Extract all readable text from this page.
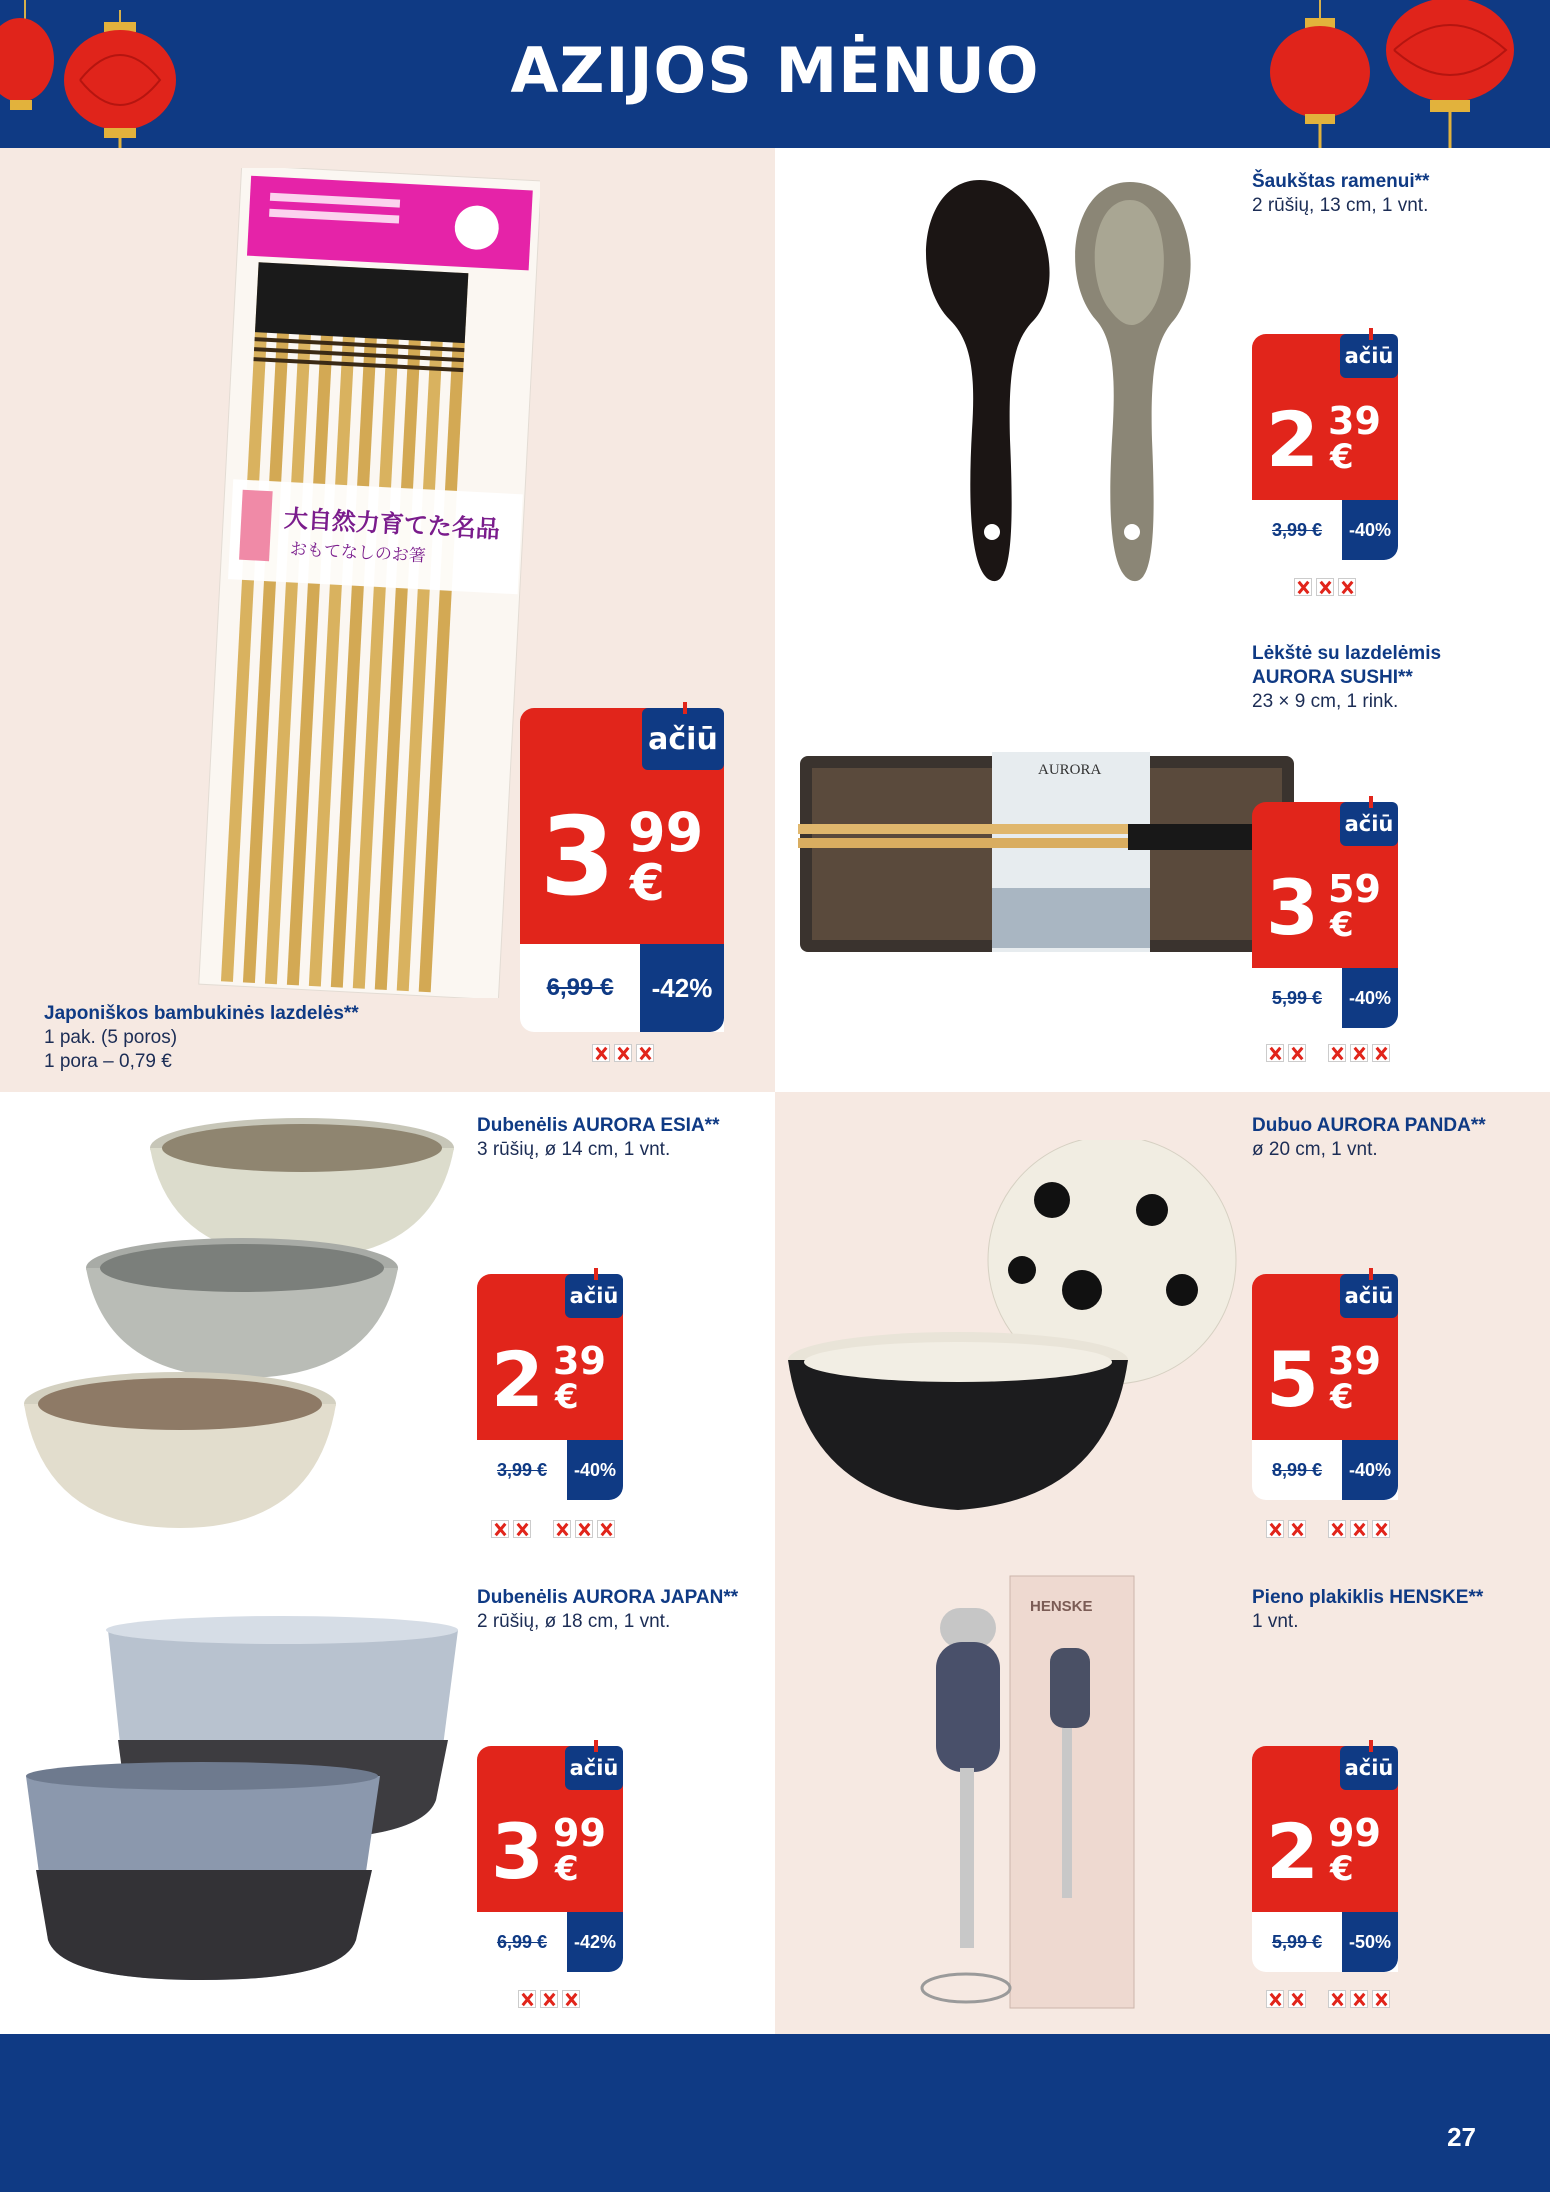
AZIJOS MĖNUO
大自然力育てた名品
おもてなしのお箸
AURORA
HENSKE
Japoniškos bambukinės lazdelės**
1 pak. (5 poros)
1 pora – 0,79 €
Šaukštas ramenui**
2 rūšių, 13 cm, 1 vnt.
Lėkštė su lazdelėmis AURORA SUSHI**
23 × 9 cm, 1 rink.
Dubenėlis AURORA ESIA**
3 rūšių, ø 14 cm, 1 vnt.
Dubuo AURORA PANDA**
ø 20 cm, 1 vnt.
Dubenėlis AURORA JAPAN**
2 rūšių, ø 18 cm, 1 vnt.
Pieno plakiklis HENSKE**
1 vnt.
ačiū
3 99
€
6,99 €	-42%
ačiū
2 39
€
3,99 €	-40%
ačiū
3 59
€
5,99 €	-40%
ačiū
2 39
€
3,99 €	-40%
ačiū
5 39
€
8,99 €	-40%
ačiū
3 99
€
6,99 €	-42%
ačiū
2 99
€
5,99 €	-50%
27
